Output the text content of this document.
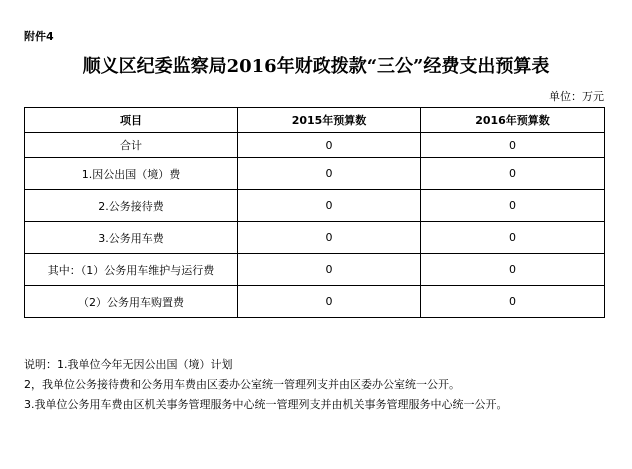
附件4
顺义区纪委监察局2016年财政拨款“三公”经费支出预算表
单位：万元
项目	2015年预算数	2016年预算数
合计	0	0
1.因公出国（境）费	0	0
2.公务接待费	0	0
3.公务用车费	0	0
其中：（1）公务用车维护与运行费	0	0
（2）公务用车购置费	0	0
说明：1.我单位今年无因公出国（境）计划
2，我单位公务接待费和公务用车费由区委办公室统一管理列支并由区委办公室统一公开。
3.我单位公务用车费由区机关事务管理服务中心统一管理列支并由机关事务管理服务中心统一公开。
